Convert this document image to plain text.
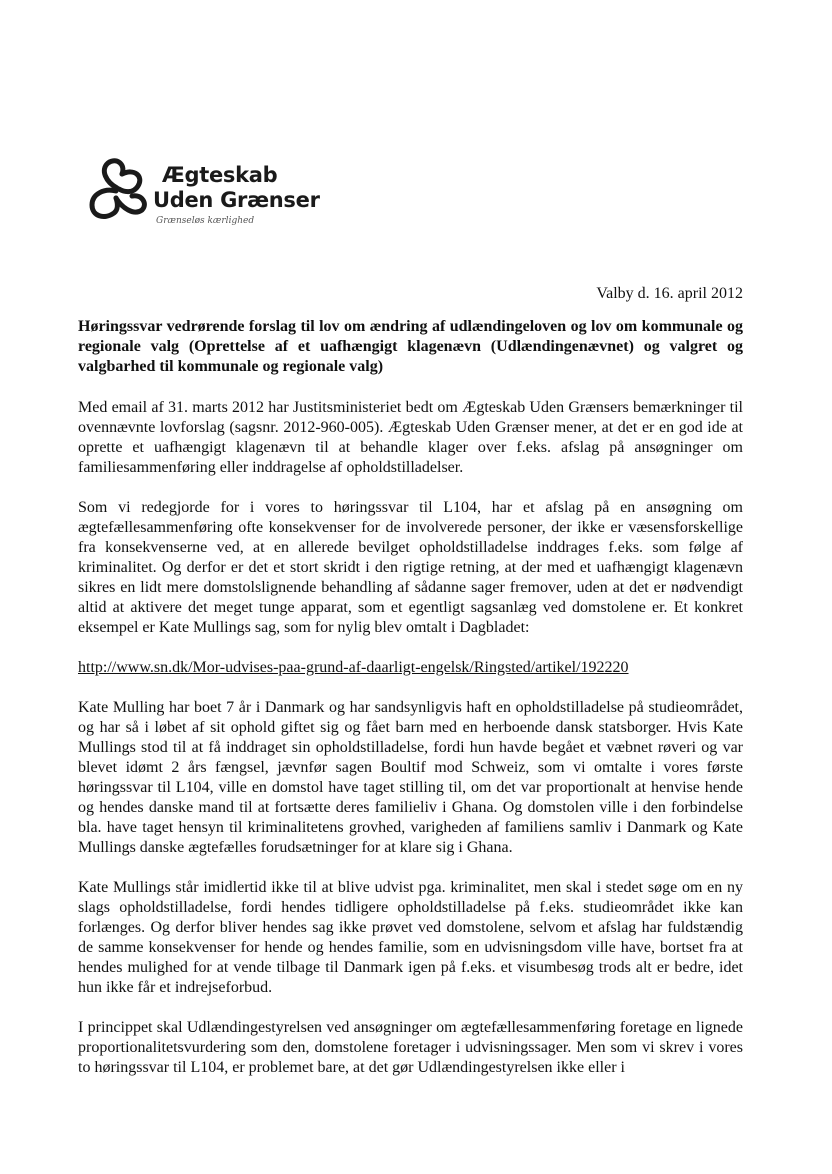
Ægteskab
Uden Grænser
Grænseløs kærlighed
Valby d. 16. april 2012

Høringssvar vedrørende forslag til lov om ændring af udlændingeloven og lov om kommunale og regionale valg (Oprettelse af et uafhængigt klagenævn (Udlændingenævnet) og valgret og valgbarhed til kommunale og regionale valg)

Med email af 31. marts 2012 har Justitsministeriet bedt om Ægteskab Uden Grænsers bemærkninger til ovennævnte lovforslag (sagsnr. 2012-960-005). Ægteskab Uden Grænser mener, at det er en god ide at oprette et uafhængigt klagenævn til at behandle klager over f.eks. afslag på ansøgninger om familiesammenføring eller inddragelse af opholdstilladelser.

Som vi redegjorde for i vores to høringssvar til L104, har et afslag på en ansøgning om ægtefællesammenføring ofte konsekvenser for de involverede personer, der ikke er væsensforskellige fra konsekvenserne ved, at en allerede bevilget opholdstilladelse inddrages f.eks. som følge af kriminalitet. Og derfor er det et stort skridt i den rigtige retning, at der med et uafhængigt klagenævn sikres en lidt mere domstolslignende behandling af sådanne sager fremover, uden at det er nødvendigt altid at aktivere det meget tunge apparat, som et egentligt sagsanlæg ved domstolene er. Et konkret eksempel er Kate Mullings sag, som for nylig blev omtalt i Dagbladet:

http://www.sn.dk/Mor-udvises-paa-grund-af-daarligt-engelsk/Ringsted/artikel/192220

Kate Mulling har boet 7 år i Danmark og har sandsynligvis haft en opholdstilladelse på studieområdet, og har så i løbet af sit ophold giftet sig og fået barn med en herboende dansk statsborger. Hvis Kate Mullings stod til at få inddraget sin opholdstilladelse, fordi hun havde begået et væbnet røveri og var blevet idømt 2 års fængsel, jævnfør sagen Boultif mod Schweiz, som vi omtalte i vores første høringssvar til L104, ville en domstol have taget stilling til, om det var proportionalt at henvise hende og hendes danske mand til at fortsætte deres familieliv i Ghana. Og domstolen ville i den forbindelse bla. have taget hensyn til kriminalitetens grovhed, varigheden af familiens samliv i Danmark og Kate Mullings danske ægtefælles forudsætninger for at klare sig i Ghana.

Kate Mullings står imidlertid ikke til at blive udvist pga. kriminalitet, men skal i stedet søge om en ny slags opholdstilladelse, fordi hendes tidligere opholdstilladelse på f.eks. studieområdet ikke kan forlænges. Og derfor bliver hendes sag ikke prøvet ved domstolene, selvom et afslag har fuldstændig de samme konsekvenser for hende og hendes familie, som en udvisningsdom ville have, bortset fra at hendes mulighed for at vende tilbage til Danmark igen på f.eks. et visumbesøg trods alt er bedre, idet hun ikke får et indrejseforbud.

I princippet skal Udlændingestyrelsen ved ansøgninger om ægtefællesammenføring foretage en lignede proportionalitetsvurdering som den, domstolene foretager i udvisningssager. Men som vi skrev i vores to høringssvar til L104, er problemet bare, at det gør Udlændingestyrelsen ikke eller i
